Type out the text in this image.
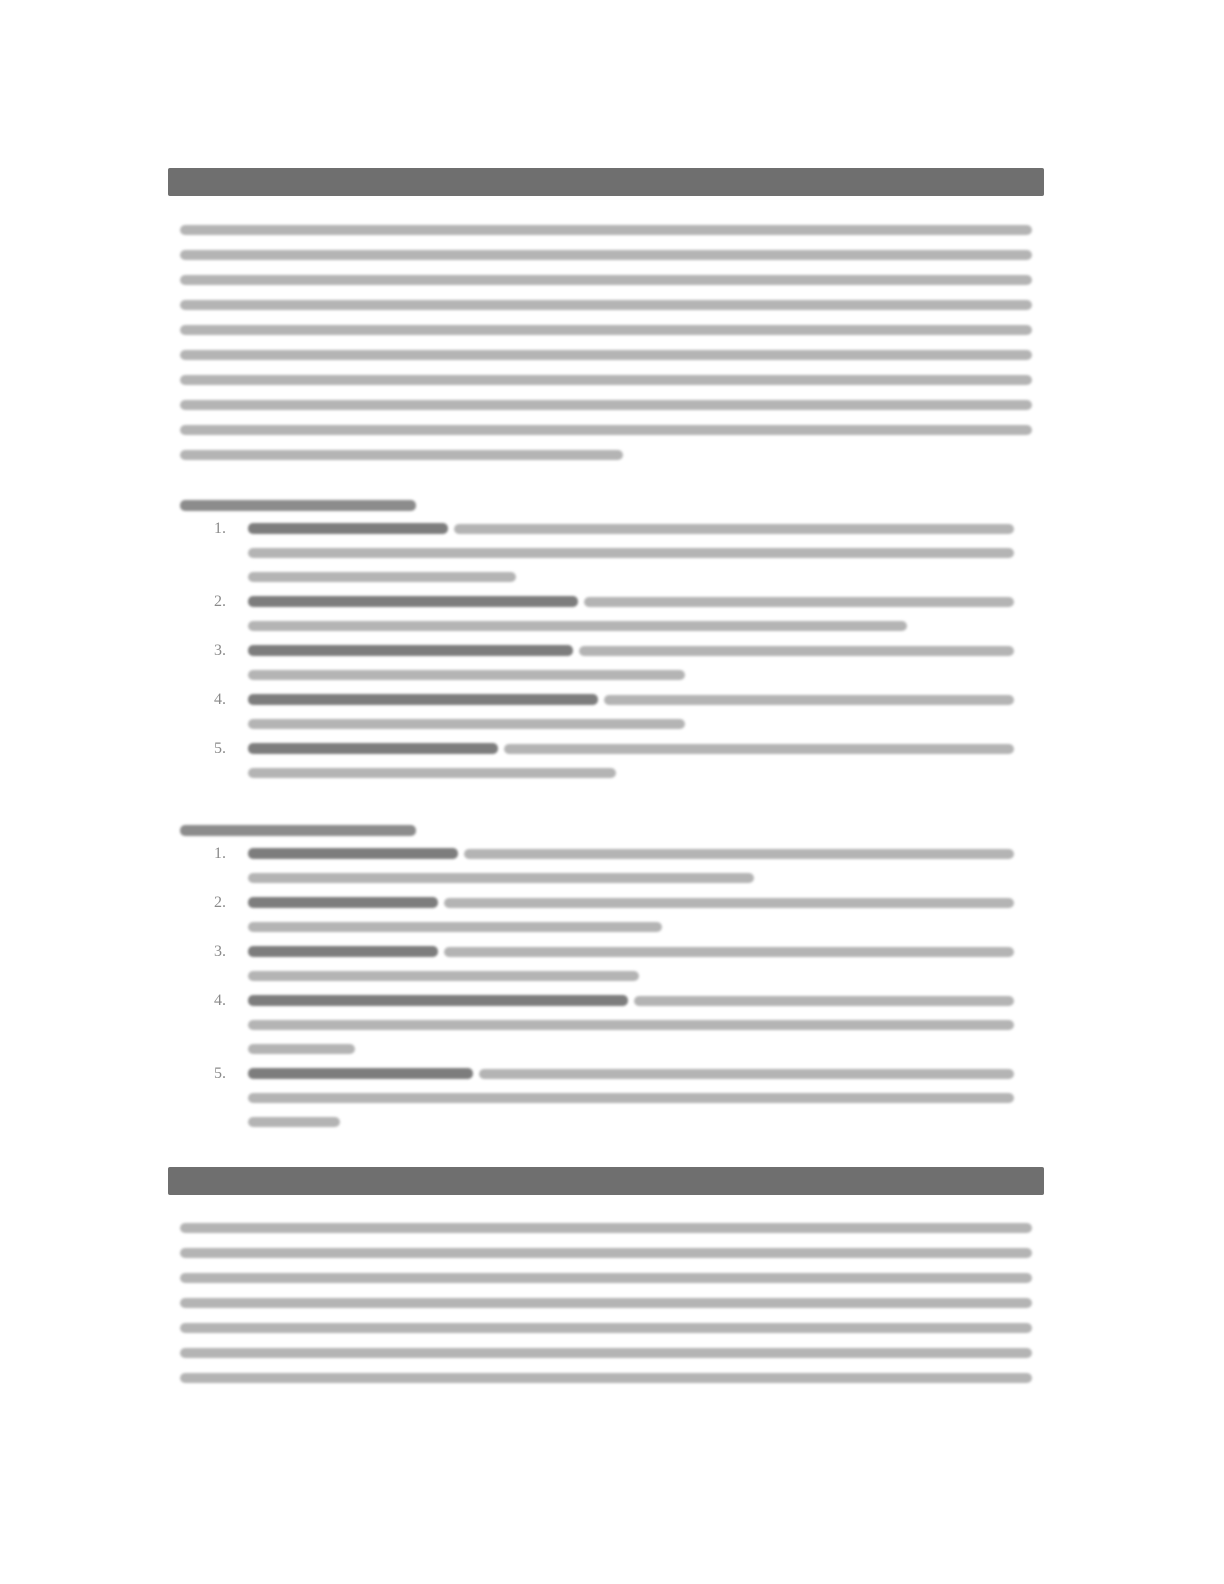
1.
2.
3.
4.
5.
1.
2.
3.
4.
5.
